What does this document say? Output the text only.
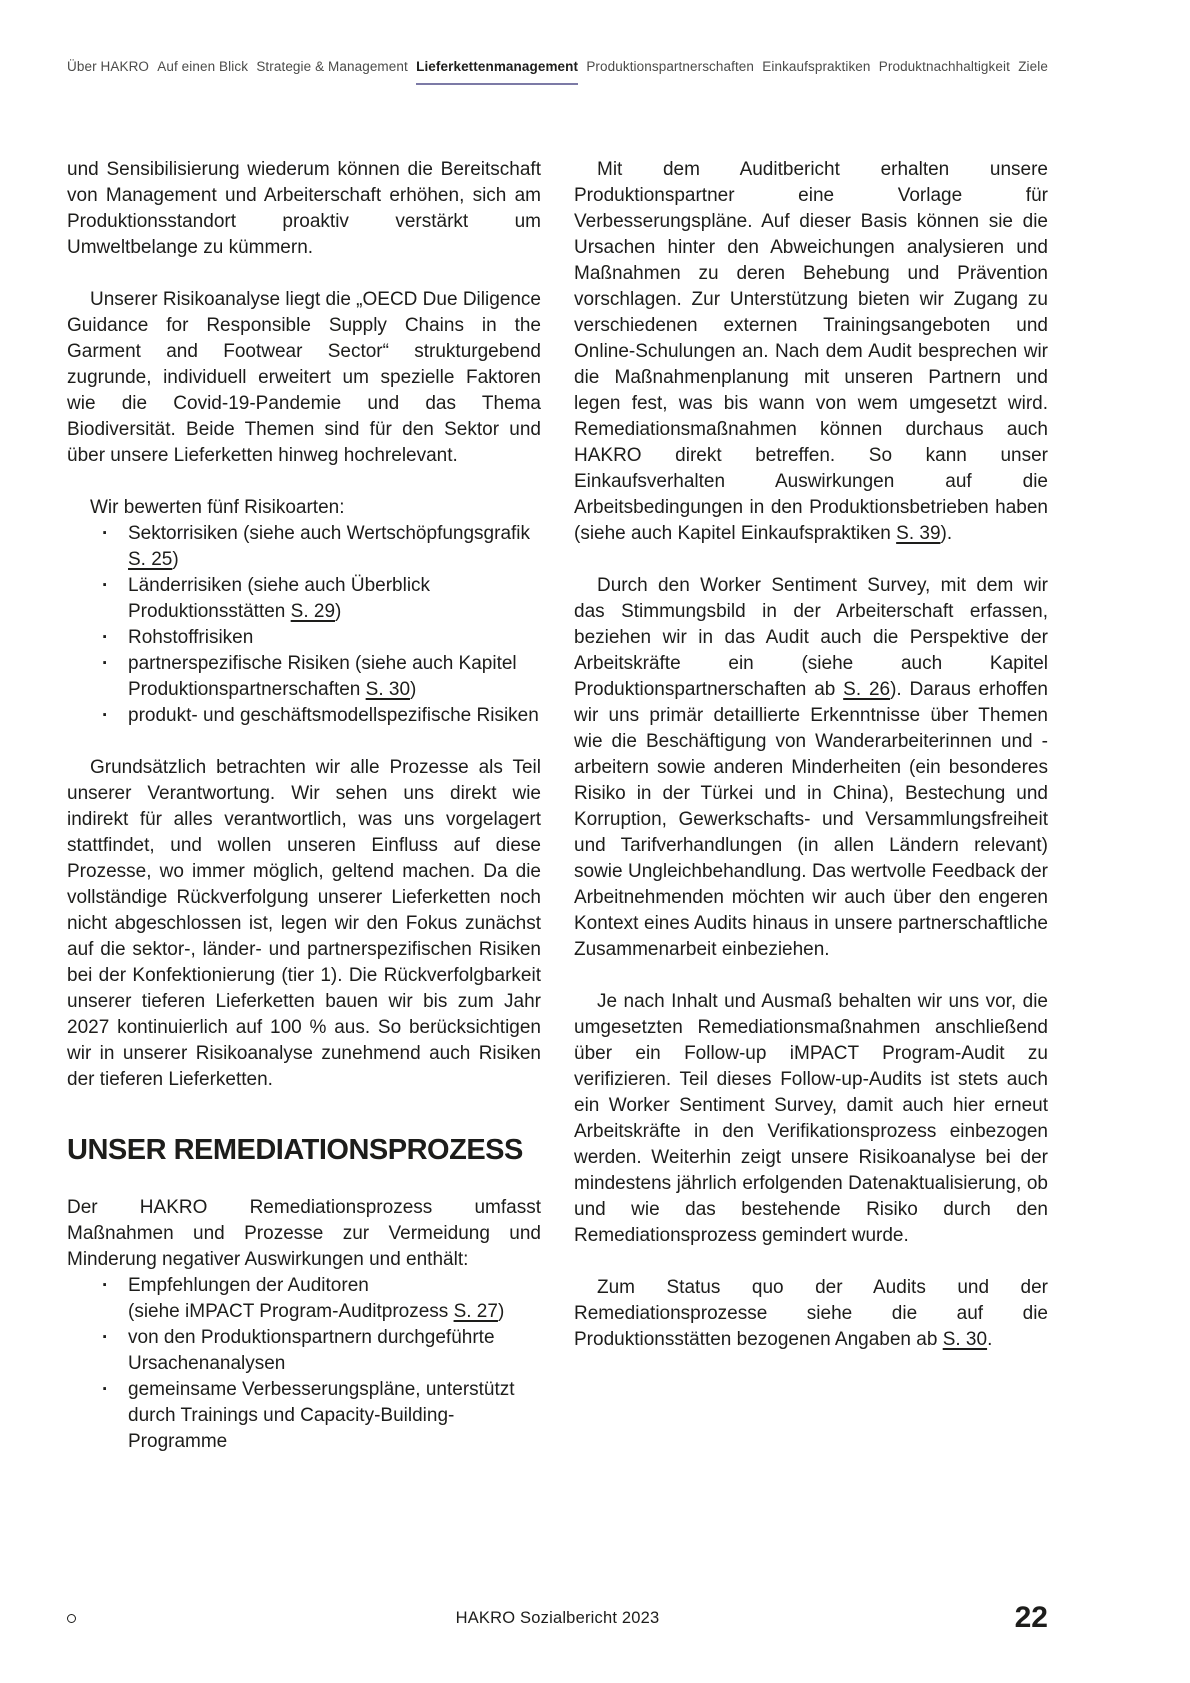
Über HAKRO Auf einen Blick Strategie & Management Lieferkettenmanagement Produktionspartnerschaften Einkaufspraktiken Produktnachhaltigkeit Ziele

und Sensibilisierung wiederum können die Bereitschaft von Management und Arbeiterschaft erhöhen, sich am Produktionsstandort proaktiv verstärkt um Umweltbelange zu kümmern.

Unserer Risikoanalyse liegt die „OECD Due Diligence Guidance for Responsible Supply Chains in the Garment and Footwear Sector“ strukturgebend zugrunde, individuell erweitert um spezielle Faktoren wie die Covid-19-Pandemie und das Thema Biodiversität. Beide Themen sind für den Sektor und über unsere Lieferketten hinweg hochrelevant.

Wir bewerten fünf Risikoarten:

· Sektorrisiken (siehe auch Wertschöpfungsgrafik S. 25)
· Länderrisiken (siehe auch Überblick Produktionsstätten S. 29)
· Rohstoffrisiken
· partnerspezifische Risiken (siehe auch Kapitel Produktionspartnerschaften S. 30)
· produkt- und geschäftsmodellspezifische Risiken

Grundsätzlich betrachten wir alle Prozesse als Teil unserer Verantwortung. Wir sehen uns direkt wie indirekt für alles verantwortlich, was uns vorgelagert stattfindet, und wollen unseren Einfluss auf diese Prozesse, wo immer möglich, geltend machen. Da die vollständige Rückverfolgung unserer Lieferketten noch nicht abgeschlossen ist, legen wir den Fokus zunächst auf die sektor-, länder- und partnerspezifischen Risiken bei der Konfektionierung (tier 1). Die Rückverfolgbarkeit unserer tieferen Lieferketten bauen wir bis zum Jahr 2027 kontinuierlich auf 100 % aus. So berücksichtigen wir in unserer Risikoanalyse zunehmend auch Risiken der tieferen Lieferketten.

UNSER REMEDIATIONSPROZESS

Der HAKRO Remediationsprozess umfasst Maßnahmen und Prozesse zur Vermeidung und Minderung negativer Auswirkungen und enthält:

· Empfehlungen der Auditoren
(siehe iMPACT Program-Auditprozess S. 27)
· von den Produktionspartnern durchgeführte Ursachenanalysen
· gemeinsame Verbesserungspläne, unterstützt durch Trainings und Capacity-Building-Programme

Mit dem Auditbericht erhalten unsere Produktionspartner eine Vorlage für Verbesserungspläne. Auf dieser Basis können sie die Ursachen hinter den Abweichungen analysieren und Maßnahmen zu deren Behebung und Prävention vorschlagen. Zur Unterstützung bieten wir Zugang zu verschiedenen externen Trainingsangeboten und Online-Schulungen an. Nach dem Audit besprechen wir die Maßnahmenplanung mit unseren Partnern und legen fest, was bis wann von wem umgesetzt wird. Remediationsmaßnahmen können durchaus auch HAKRO direkt betreffen. So kann unser Einkaufsverhalten Auswirkungen auf die Arbeitsbedingungen in den Produktionsbetrieben haben (siehe auch Kapitel Einkaufspraktiken S. 39).

Durch den Worker Sentiment Survey, mit dem wir das Stimmungsbild in der Arbeiterschaft erfassen, beziehen wir in das Audit auch die Perspektive der Arbeitskräfte ein (siehe auch Kapitel Produktionspartnerschaften ab S. 26). Daraus erhoffen wir uns primär detaillierte Erkenntnisse über Themen wie die Beschäftigung von Wanderarbeiterinnen und -arbeitern sowie anderen Minderheiten (ein besonderes Risiko in der Türkei und in China), Bestechung und Korruption, Gewerkschafts- und Versammlungsfreiheit und Tarifverhandlungen (in allen Ländern relevant) sowie Ungleichbehandlung. Das wertvolle Feedback der Arbeitnehmenden möchten wir auch über den engeren Kontext eines Audits hinaus in unsere partnerschaftliche Zusammenarbeit einbeziehen.

Je nach Inhalt und Ausmaß behalten wir uns vor, die umgesetzten Remediationsmaßnahmen anschließend über ein Follow-up iMPACT Program-Audit zu verifizieren. Teil dieses Follow-up-Audits ist stets auch ein Worker Sentiment Survey, damit auch hier erneut Arbeitskräfte in den Verifikationsprozess einbezogen werden. Weiterhin zeigt unsere Risikoanalyse bei der mindestens jährlich erfolgenden Datenaktualisierung, ob und wie das bestehende Risiko durch den Remediationsprozess gemindert wurde.

Zum Status quo der Audits und der Remediationsprozesse siehe die auf die Produktionsstätten bezogenen Angaben ab S. 30.

HAKRO Sozialbericht 2023	22
